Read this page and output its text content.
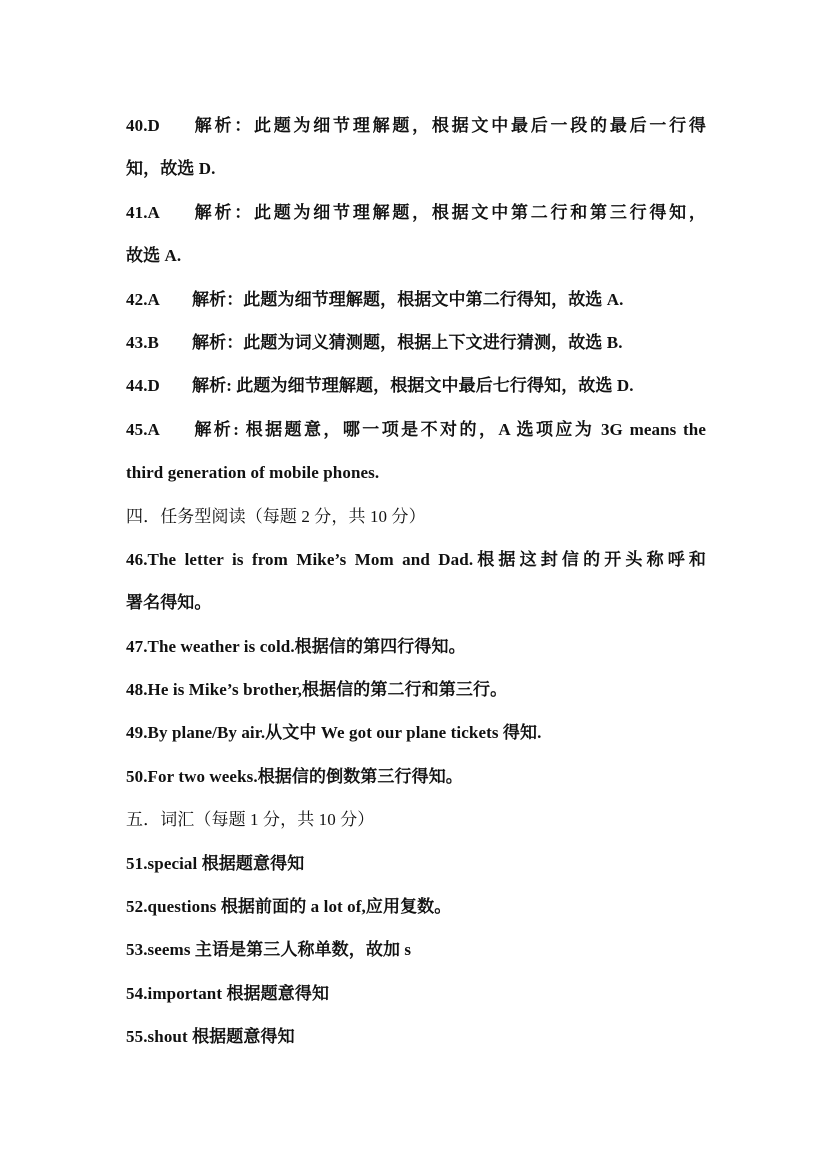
40.D 解析：此题为细节理解题，根据文中最后一段的最后一行得
知，故选 D.
41.A 解析：此题为细节理解题，根据文中第二行和第三行得知，
故选 A.
42.A 解析：此题为细节理解题，根据文中第二行得知，故选 A.
43.B 解析：此题为词义猜测题，根据上下文进行猜测，故选 B.
44.D 解析: 此题为细节理解题，根据文中最后七行得知，故选 D.
45.A 解析: 根据题意，哪一项是不对的，A 选项应为 3G means the
third generation of mobile phones.
四．任务型阅读（每题 2 分，共 10 分）
46.The letter is from Mike’s Mom and Dad.根据这封信的开头称呼和
署名得知。
47.The weather is cold.根据信的第四行得知。
48.He is Mike’s brother,根据信的第二行和第三行。
49.By plane/By air.从文中 We got our plane tickets 得知.
50.For two weeks.根据信的倒数第三行得知。
五．词汇（每题 1 分，共 10 分）
51.special 根据题意得知
52.questions 根据前面的 a lot of,应用复数。
53.seems 主语是第三人称单数，故加 s
54.important 根据题意得知
55.shout 根据题意得知
